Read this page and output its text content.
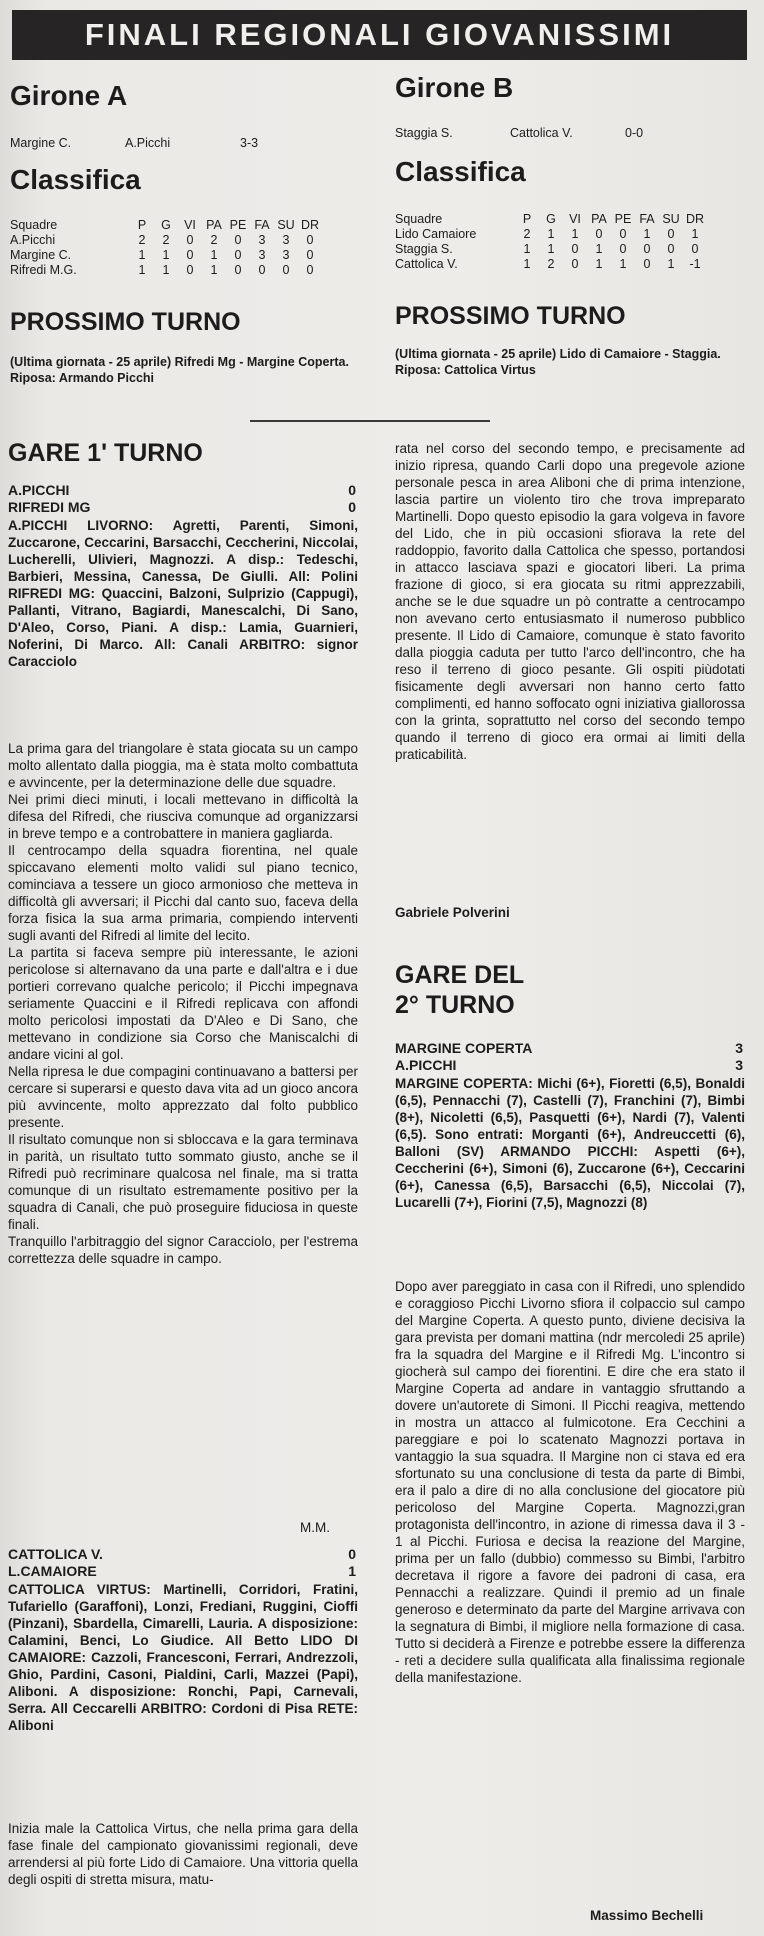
FINALI REGIONALI GIOVANISSIMI
Girone A
Margine C.	A.Picchi	3-3
Classifica
Squadre	P	G	VI	PA	PE	FA	SU	DR
A.Picchi	2	2	0	2	0	3	3	0
Margine C.	1	1	0	1	0	3	3	0
Rifredi M.G.	1	1	0	1	0	0	0	0
PROSSIMO TURNO
(Ultima giornata - 25 aprile) Rifredi Mg - Margine Coperta. Riposa: Armando Picchi
Girone B
Staggia S.	Cattolica V.	0-0
Classifica
Squadre	P	G	VI	PA	PE	FA	SU	DR
Lido Camaiore	2	1	1	0	0	1	0	1
Staggia S.	1	1	0	1	0	0	0	0
Cattolica V.	1	2	0	1	1	0	1	-1
PROSSIMO TURNO
(Ultima giornata - 25 aprile) Lido di Camaiore - Staggia. Riposa: Cattolica Virtus
GARE 1' TURNO
A.PICCHI	0
RIFREDI MG	0
A.PICCHI LIVORNO: Agretti, Parenti, Simoni, Zuccarone, Ceccarini, Barsacchi, Ceccherini, Niccolai, Lucherelli, Ulivieri, Magnozzi. A disp.: Tedeschi, Barbieri, Messina, Canessa, De Giulli. All: Polini RIFREDI MG: Quaccini, Balzoni, Sulprizio (Cappugi), Pallanti, Vitrano, Bagiardi, Manescalchi, Di Sano, D'Aleo, Corso, Piani. A disp.: Lamia, Guarnieri, Noferini, Di Marco. All: Canali ARBITRO: signor Caracciolo

La prima gara del triangolare è stata giocata su un campo molto allentato dalla pioggia, ma è stata molto combattuta e avvincente, per la determinazione delle due squadre.

Nei primi dieci minuti, i locali mettevano in difficoltà la difesa del Rifredi, che riusciva comunque ad organizzarsi in breve tempo e a controbattere in maniera gagliarda.

Il centrocampo della squadra fiorentina, nel quale spiccavano elementi molto validi sul piano tecnico, cominciava a tessere un gioco armonioso che metteva in difficoltà gli avversari; il Picchi dal canto suo, faceva della forza fisica la sua arma primaria, compiendo interventi sugli avanti del Rifredi al limite del lecito.

La partita si faceva sempre più interessante, le azioni pericolose si alternavano da una parte e dall'altra e i due portieri correvano qualche pericolo; il Picchi impegnava seriamente Quaccini e il Rifredi replicava con affondi molto pericolosi impostati da D'Aleo e Di Sano, che mettevano in condizione sia Corso che Maniscalchi di andare vicini al gol.

Nella ripresa le due compagini continuavano a battersi per cercare si superarsi e questo dava vita ad un gioco ancora più avvincente, molto apprezzato dal folto pubblico presente.

Il risultato comunque non si sbloccava e la gara terminava in parità, un risultato tutto sommato giusto, anche se il Rifredi può recriminare qualcosa nel finale, ma si tratta comunque di un risultato estremamente positivo per la squadra di Canali, che può proseguire fiduciosa in queste finali.

Tranquillo l'arbitraggio del signor Caracciolo, per l'estrema correttezza delle squadre in campo.

M.M.
CATTOLICA V.	0
L.CAMAIORE	1
CATTOLICA VIRTUS: Martinelli, Corridori, Fratini, Tufariello (Garaffoni), Lonzi, Frediani, Ruggini, Cioffi (Pinzani), Sbardella, Cimarelli, Lauria. A disposizione: Calamini, Benci, Lo Giudice. All Betto LIDO DI CAMAIORE: Cazzoli, Francesconi, Ferrari, Andrezzoli, Ghio, Pardini, Casoni, Pialdini, Carli, Mazzei (Papi), Aliboni. A disposizione: Ronchi, Papi, Carnevali, Serra. All Ceccarelli ARBITRO: Cordoni di Pisa RETE: Aliboni
Inizia male la Cattolica Virtus, che nella prima gara della fase finale del campionato giovanissimi regionali, deve arrendersi al più forte Lido di Camaiore. Una vittoria quella degli ospiti di stretta misura, matu-
rata nel corso del secondo tempo, e precisamente ad inizio ripresa, quando Carli dopo una pregevole azione personale pesca in area Aliboni che di prima intenzione, lascia partire un violento tiro che trova impreparato Martinelli. Dopo questo episodio la gara volgeva in favore del Lido, che in più occasioni sfiorava la rete del raddoppio, favorito dalla Cattolica che spesso, portandosi in attacco lasciava spazi e giocatori liberi. La prima frazione di gioco, si era giocata su ritmi apprezzabili, anche se le due squadre un pò contratte a centrocampo non avevano certo entusiasmato il numeroso pubblico presente. Il Lido di Camaiore, comunque è stato favorito dalla pioggia caduta per tutto l'arco dell'incontro, che ha reso il terreno di gioco pesante. Gli ospiti piùdotati fisicamente degli avversari non hanno certo fatto complimenti, ed hanno soffocato ogni iniziativa giallorossa con la grinta, soprattutto nel corso del secondo tempo quando il terreno di gioco era ormai ai limiti della praticabilità.
Gabriele Polverini
GARE DEL
2° TURNO
MARGINE COPERTA	3
A.PICCHI	3
MARGINE COPERTA: Michi (6+), Fioretti (6,5), Bonaldi (6,5), Pennacchi (7), Castelli (7), Franchini (7), Bimbi (8+), Nicoletti (6,5), Pasquetti (6+), Nardi (7), Valenti (6,5). Sono entrati: Morganti (6+), Andreuccetti (6), Balloni (SV) ARMANDO PICCHI: Aspetti (6+), Ceccherini (6+), Simoni (6), Zuccarone (6+), Ceccarini (6+), Canessa (6,5), Barsacchi (6,5), Niccolai (7), Lucarelli (7+), Fiorini (7,5), Magnozzi (8)
Dopo aver pareggiato in casa con il Rifredi, uno splendido e coraggioso Picchi Livorno sfiora il colpaccio sul campo del Margine Coperta. A questo punto, diviene decisiva la gara prevista per domani mattina (ndr mercoledi 25 aprile) fra la squadra del Margine e il Rifredi Mg. L'incontro si giocherà sul campo dei fiorentini. E dire che era stato il Margine Coperta ad andare in vantaggio sfruttando a dovere un'autorete di Simoni. Il Picchi reagiva, mettendo in mostra un attacco al fulmicotone. Era Cecchini a pareggiare e poi lo scatenato Magnozzi portava in vantaggio la sua squadra. Il Margine non ci stava ed era sfortunato su una conclusione di testa da parte di Bimbi, era il palo a dire di no alla conclusione del giocatore più pericoloso del Margine Coperta. Magnozzi,gran protagonista dell'incontro, in azione di rimessa dava il 3 - 1 al Picchi. Furiosa e decisa la reazione del Margine, prima per un fallo (dubbio) commesso su Bimbi, l'arbitro decretava il rigore a favore dei padroni di casa, era Pennacchi a realizzare. Quindi il premio ad un finale generoso e determinato da parte del Margine arrivava con la segnatura di Bimbi, il migliore nella formazione di casa. Tutto si deciderà a Firenze e potrebbe essere la differenza - reti a decidere sulla qualificata alla finalissima regionale della manifestazione.
Massimo Bechelli
